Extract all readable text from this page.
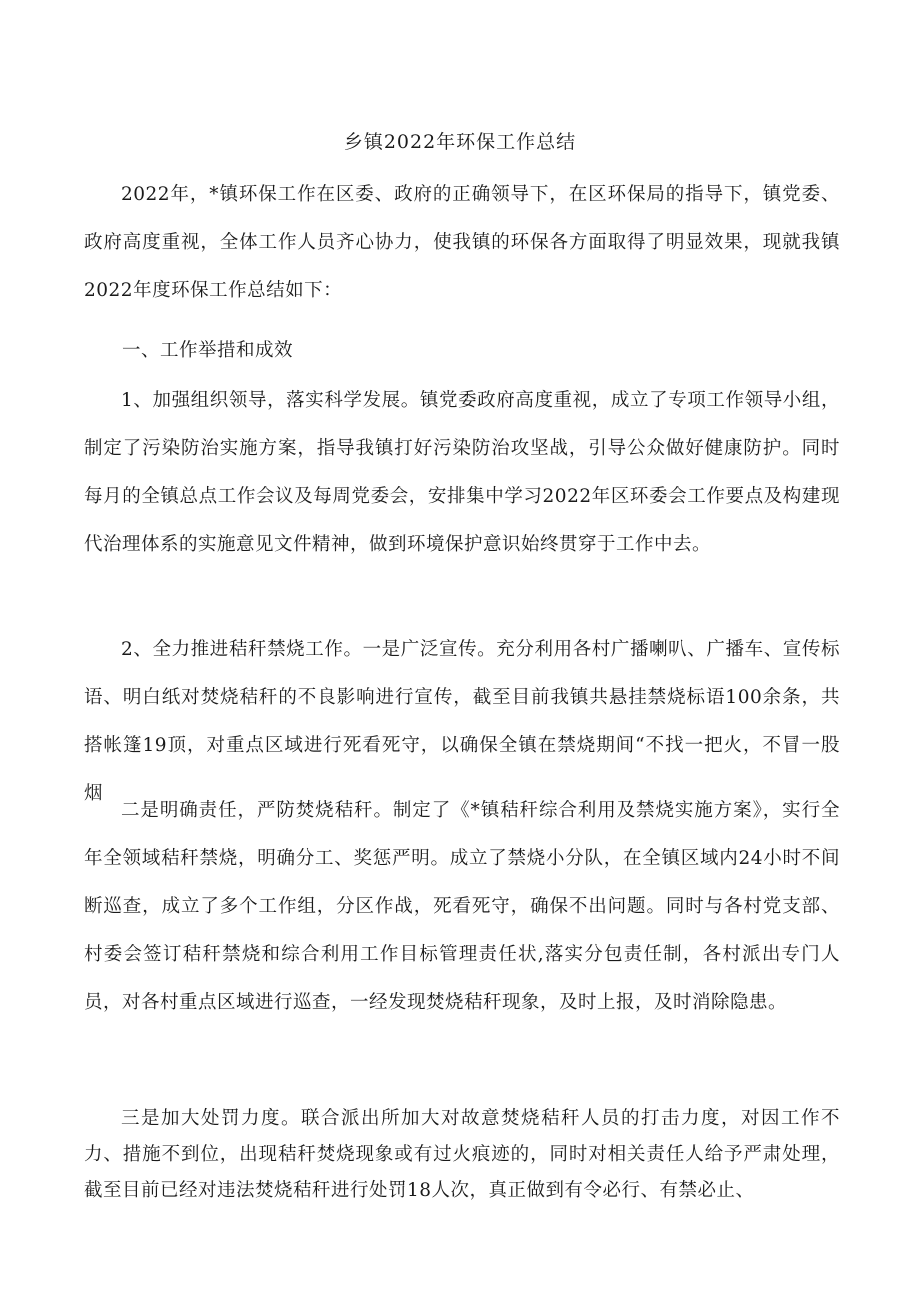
乡镇2022年环保工作总结

2022年，*镇环保工作在区委、政府的正确领导下，在区环保局的指导下，镇党委、政府高度重视，全体工作人员齐心协力，使我镇的环保各方面取得了明显效果，现就我镇2022年度环保工作总结如下：

一、工作举措和成效

1、加强组织领导，落实科学发展。镇党委政府高度重视，成立了专项工作领导小组，制定了污染防治实施方案，指导我镇打好污染防治攻坚战，引导公众做好健康防护。同时每月的全镇总点工作会议及每周党委会，安排集中学习2022年区环委会工作要点及构建现代治理体系的实施意见文件精神，做到环境保护意识始终贯穿于工作中去。

2、全力推进秸秆禁烧工作。一是广泛宣传。充分利用各村广播喇叭、广播车、宣传标语、明白纸对焚烧秸秆的不良影响进行宣传，截至目前我镇共悬挂禁烧标语100余条，共搭帐篷19顶，对重点区域进行死看死守，以确保全镇在禁烧期间“不找一把火，不冒一股烟

二是明确责任，严防焚烧秸秆。制定了《*镇秸秆综合利用及禁烧实施方案》，实行全年全领域秸秆禁烧，明确分工、奖惩严明。成立了禁烧小分队，在全镇区域内24小时不间断巡查，成立了多个工作组，分区作战，死看死守，确保不出问题。同时与各村党支部、村委会签订秸秆禁烧和综合利用工作目标管理责任状,落实分包责任制，各村派出专门人员，对各村重点区域进行巡查，一经发现焚烧秸秆现象，及时上报，及时消除隐患。

三是加大处罚力度。联合派出所加大对故意焚烧秸秆人员的打击力度，对因工作不力、措施不到位，出现秸秆焚烧现象或有过火痕迹的，同时对相关责任人给予严肃处理，截至目前已经对违法焚烧秸秆进行处罚18人次，真正做到有令必行、有禁必止、
